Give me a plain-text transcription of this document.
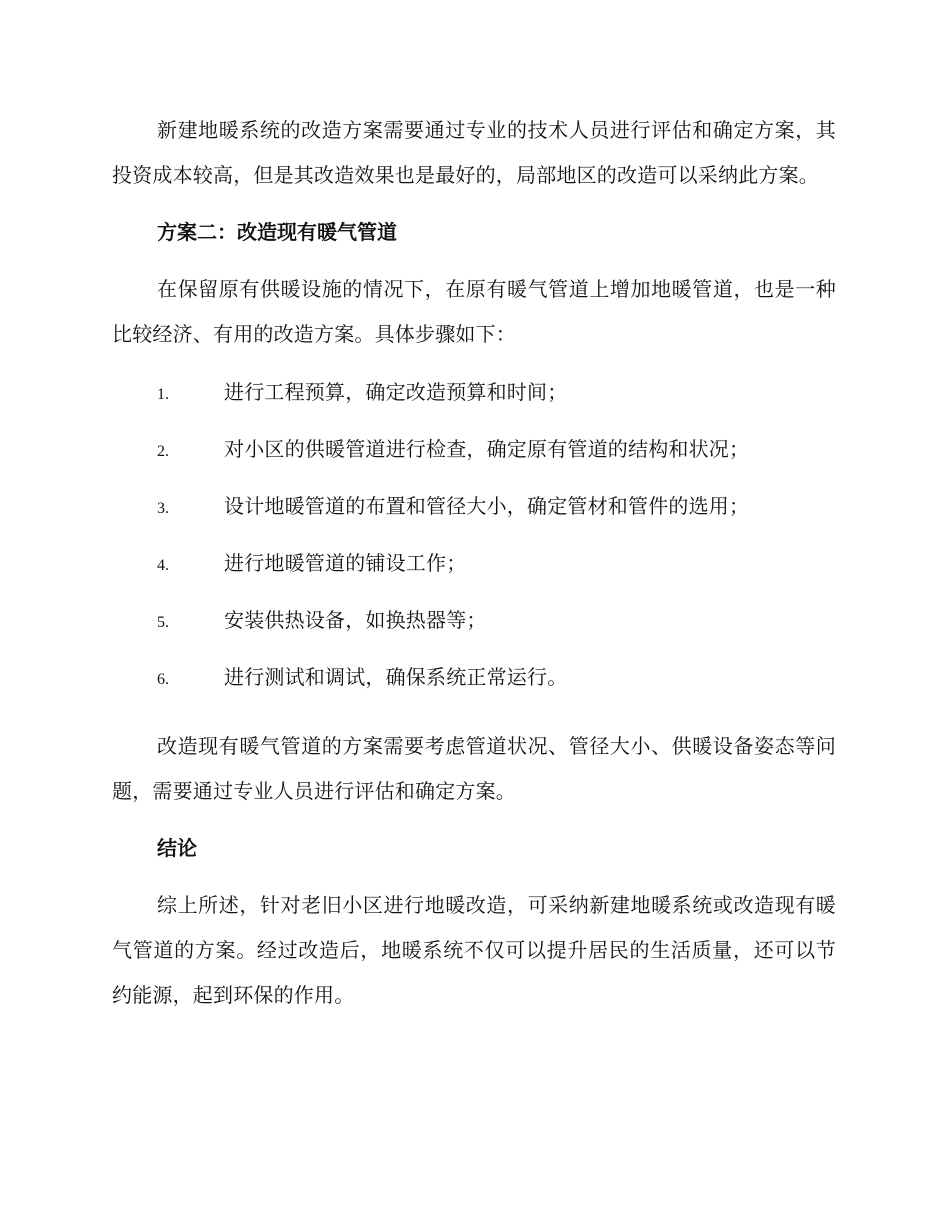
新建地暖系统的改造方案需要通过专业的技术人员进行评估和确定方案，其投资成本较高，但是其改造效果也是最好的，局部地区的改造可以采纳此方案。

方案二：改造现有暖气管道

在保留原有供暖设施的情况下，在原有暖气管道上增加地暖管道，也是一种比较经济、有用的改造方案。具体步骤如下：

1.	进行工程预算，确定改造预算和时间；
2.	对小区的供暖管道进行检查，确定原有管道的结构和状况；
3.	设计地暖管道的布置和管径大小，确定管材和管件的选用；
4.	进行地暖管道的铺设工作；
5.	安装供热设备，如换热器等；
6.	进行测试和调试，确保系统正常运行。

改造现有暖气管道的方案需要考虑管道状况、管径大小、供暖设备姿态等问题，需要通过专业人员进行评估和确定方案。

结论

综上所述，针对老旧小区进行地暖改造，可采纳新建地暖系统或改造现有暖气管道的方案。经过改造后，地暖系统不仅可以提升居民的生活质量，还可以节约能源，起到环保的作用。
